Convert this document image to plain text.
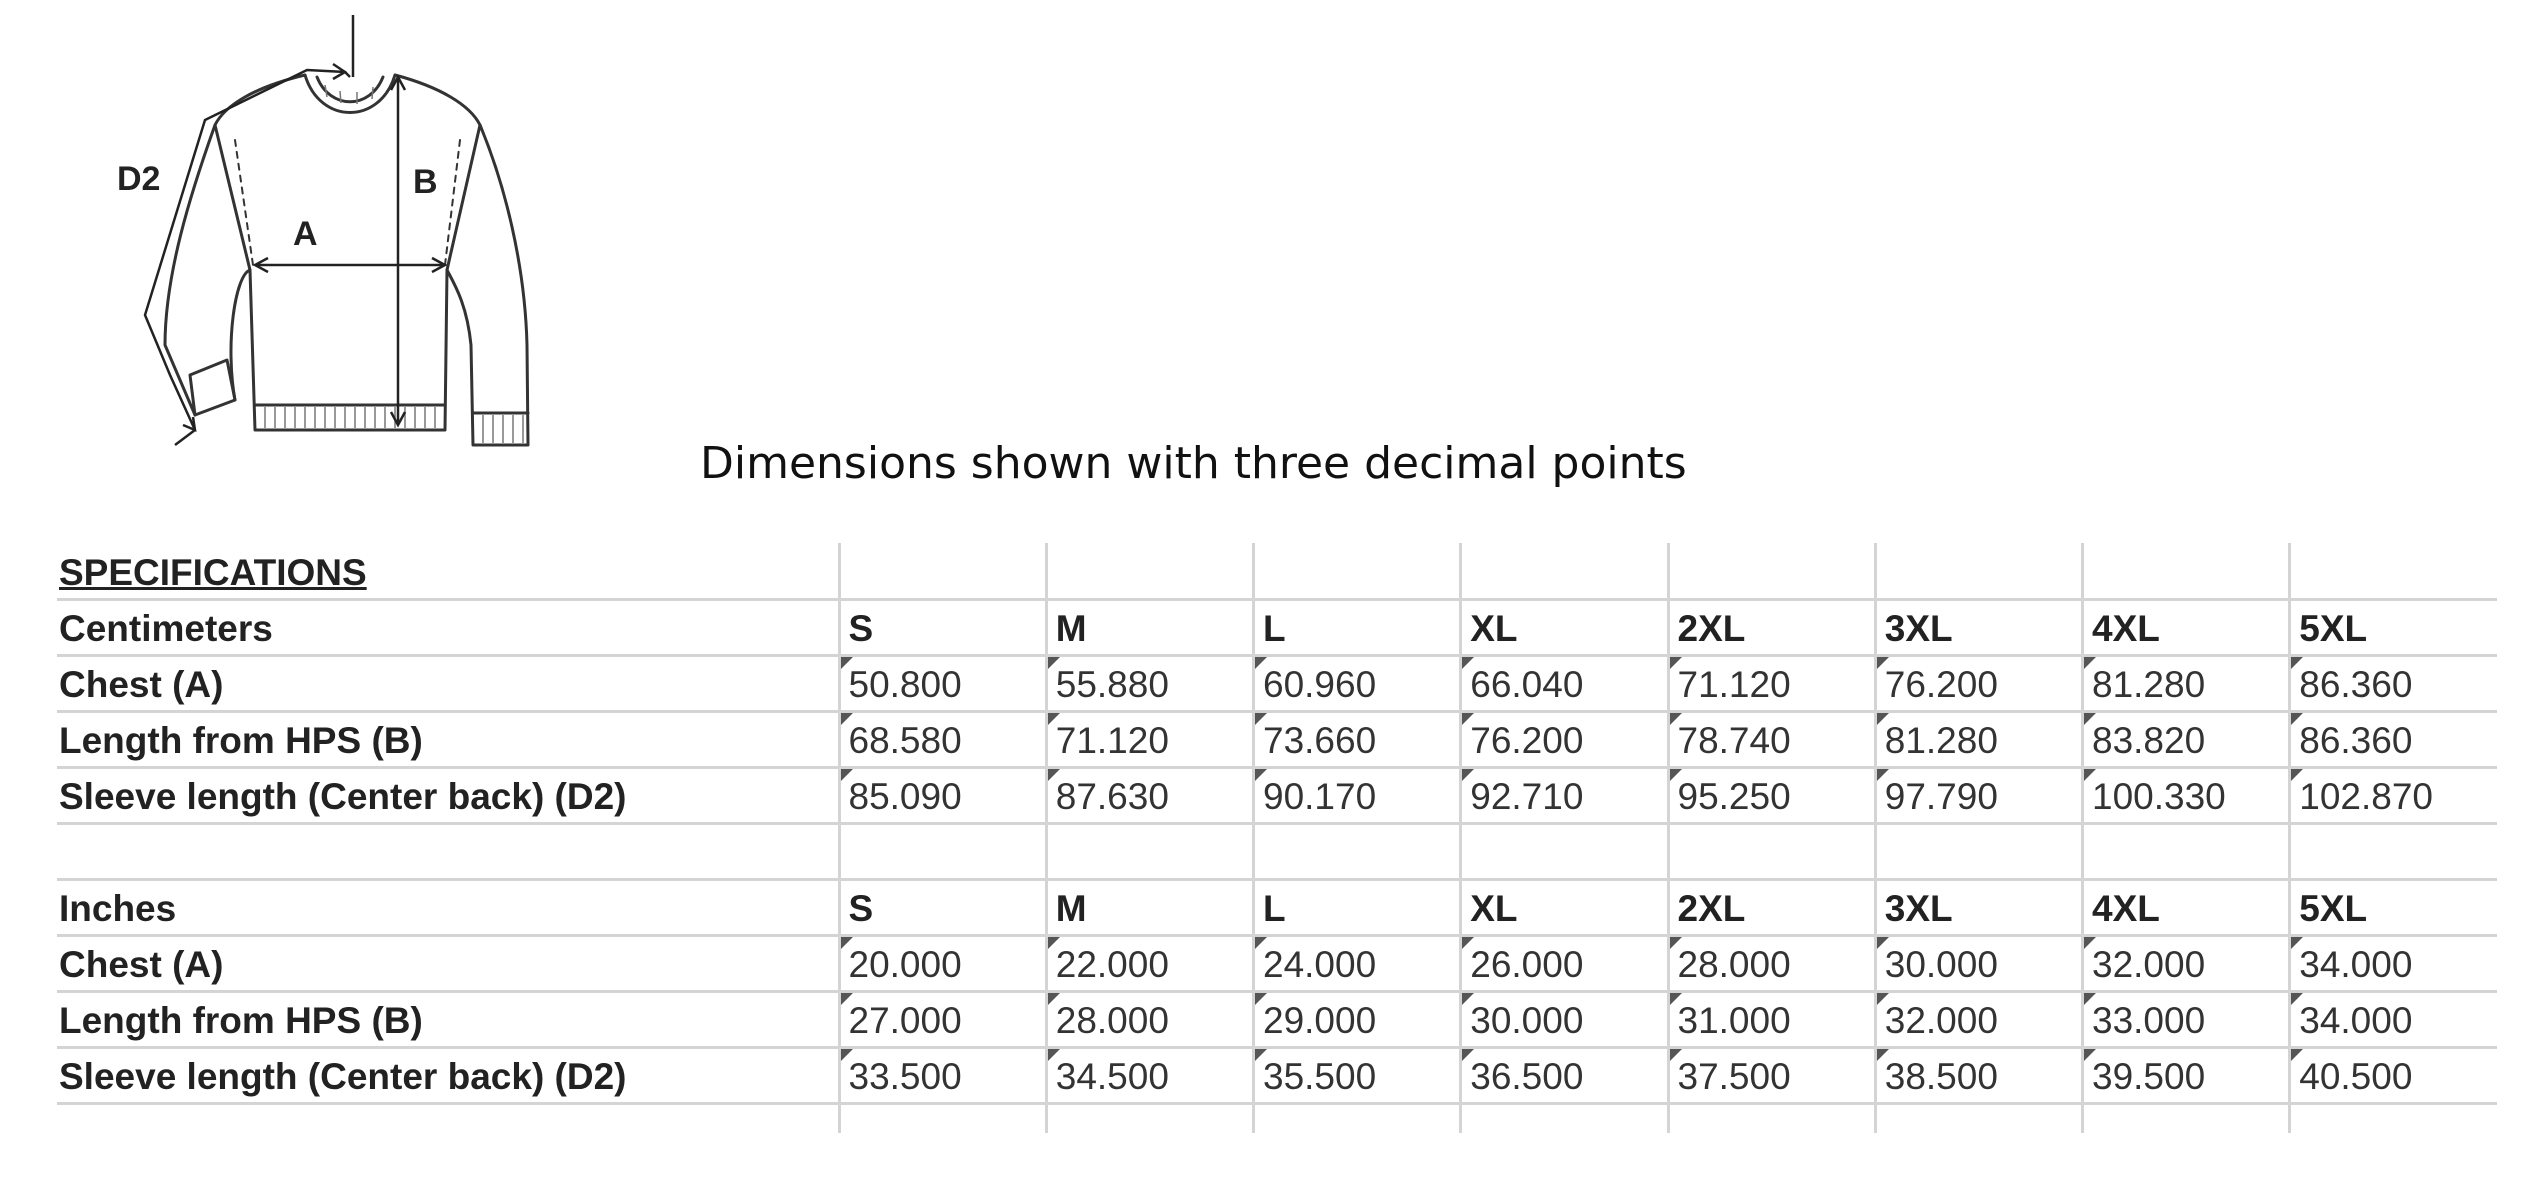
D2
A
B
Dimensions shown with three decimal points
SPECIFICATIONS								
Centimeters	S	M	L	XL	2XL	3XL	4XL	5XL
Chest (A)	50.800	55.880	60.960	66.040	71.120	76.200	81.280	86.360
Length from HPS (B)	68.580	71.120	73.660	76.200	78.740	81.280	83.820	86.360
Sleeve length (Center back) (D2)	85.090	87.630	90.170	92.710	95.250	97.790	100.330	102.870

Inches	S	M	L	XL	2XL	3XL	4XL	5XL
Chest (A)	20.000	22.000	24.000	26.000	28.000	30.000	32.000	34.000
Length from HPS (B)	27.000	28.000	29.000	30.000	31.000	32.000	33.000	34.000
Sleeve length (Center back) (D2)	33.500	34.500	35.500	36.500	37.500	38.500	39.500	40.500
